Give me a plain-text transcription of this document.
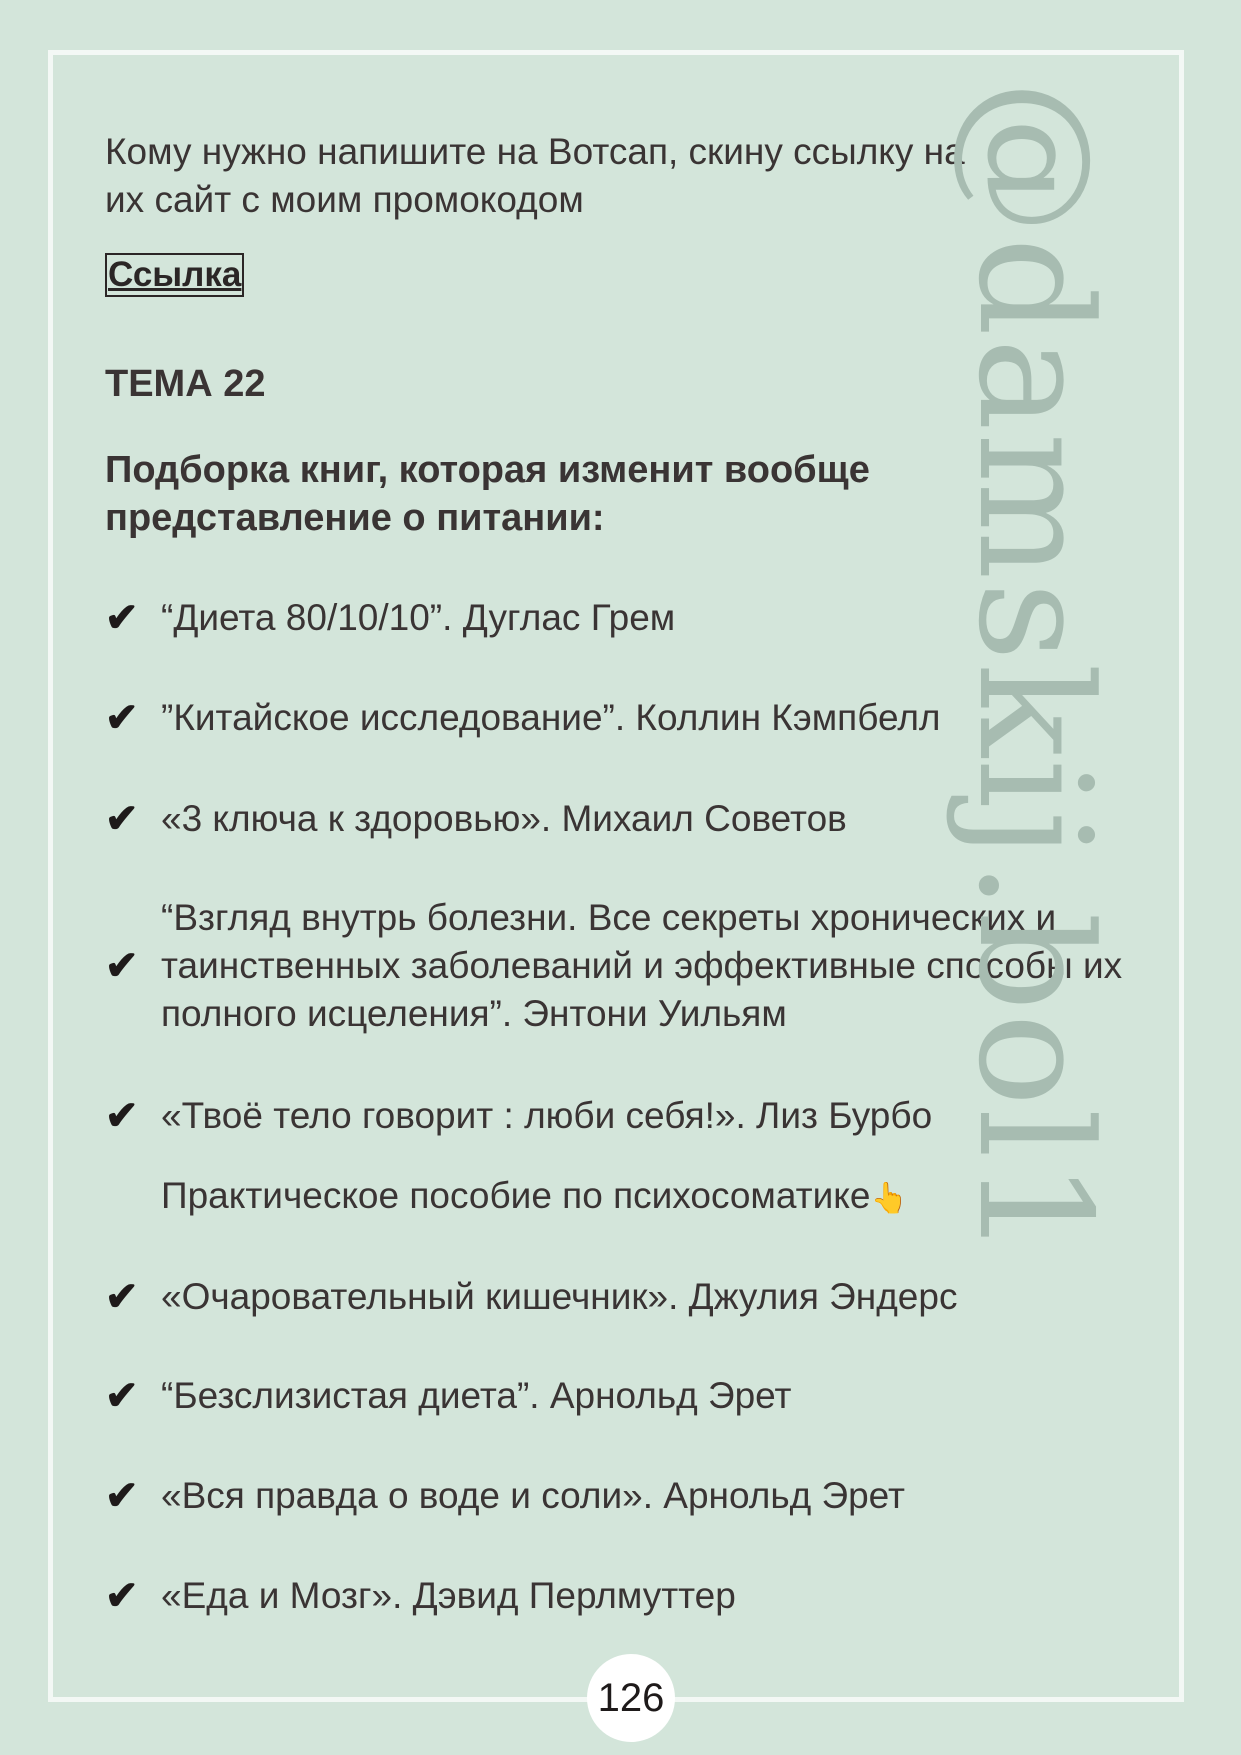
@damskij.bol1

Кому нужно напишите на Вотсап, скину ссылку на их сайт с моим промокодом

Ссылка
ТЕМА 22
Подборка книг, которая изменит вообще представление о питании:
✔ “Диета 80/10/10”. Дуглас Грем
✔ ”Китайское исследование”. Коллин Кэмпбелл
✔ «3 ключа к здоровью». Михаил Советов
✔
“Взгляд внутрь болезни. Все секреты хронических и таинственных заболеваний и эффективные способы их полного исцеления”. Энтони Уильям
✔ «Твоё тело говорит : люби себя!». Лиз Бурбо
Практическое пособие по психосоматике👆
✔ «Очаровательный кишечник». Джулия Эндерс
✔ “Безслизистая диета”. Арнольд Эрет
✔ «Вся правда о воде и соли». Арнольд Эрет
✔ «Еда и Мозг». Дэвид Перлмуттер
126
